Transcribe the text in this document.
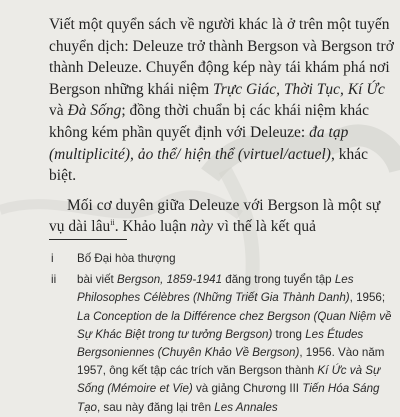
Viết một quyển sách về người khác là ở trên một tuyến chuyển dịch: Deleuze trở thành Bergson và Bergson trở thành Deleuze. Chuyển động kép này tái khám phá nơi Bergson những khái niệm Trực Giác, Thời Tục, Kí Ức và Đà Sống; đồng thời chuẩn bị các khái niệm khác không kém phần quyết định với Deleuze: đa tạp (multiplicité), ảo thể/ hiện thể (virtuel/actuel), khác biệt.

Mối cơ duyên giữa Deleuze với Bergson là một sự vụ dài lâu$^{ii}$. Khảo luận này vì thế là kết quả

i Bố Đại hòa thượng
ii bài viết Bergson, 1859-1941 đăng trong tuyển tập Les Philosophes Célèbres (Những Triết Gia Thành Danh), 1956; La Conception de la Différence chez Bergson (Quan Niệm về Sự Khác Biệt trong tư tưởng Bergson) trong Les Études Bergsoniennes (Chuyên Khảo Về Bergson), 1956. Vào năm 1957, ông kết tập các trích văn Bergson thành Kí Ức và Sự Sống (Mémoire et Vie) và giảng Chương III Tiến Hóa Sáng Tạo, sau này đăng lại trên Les Annales
